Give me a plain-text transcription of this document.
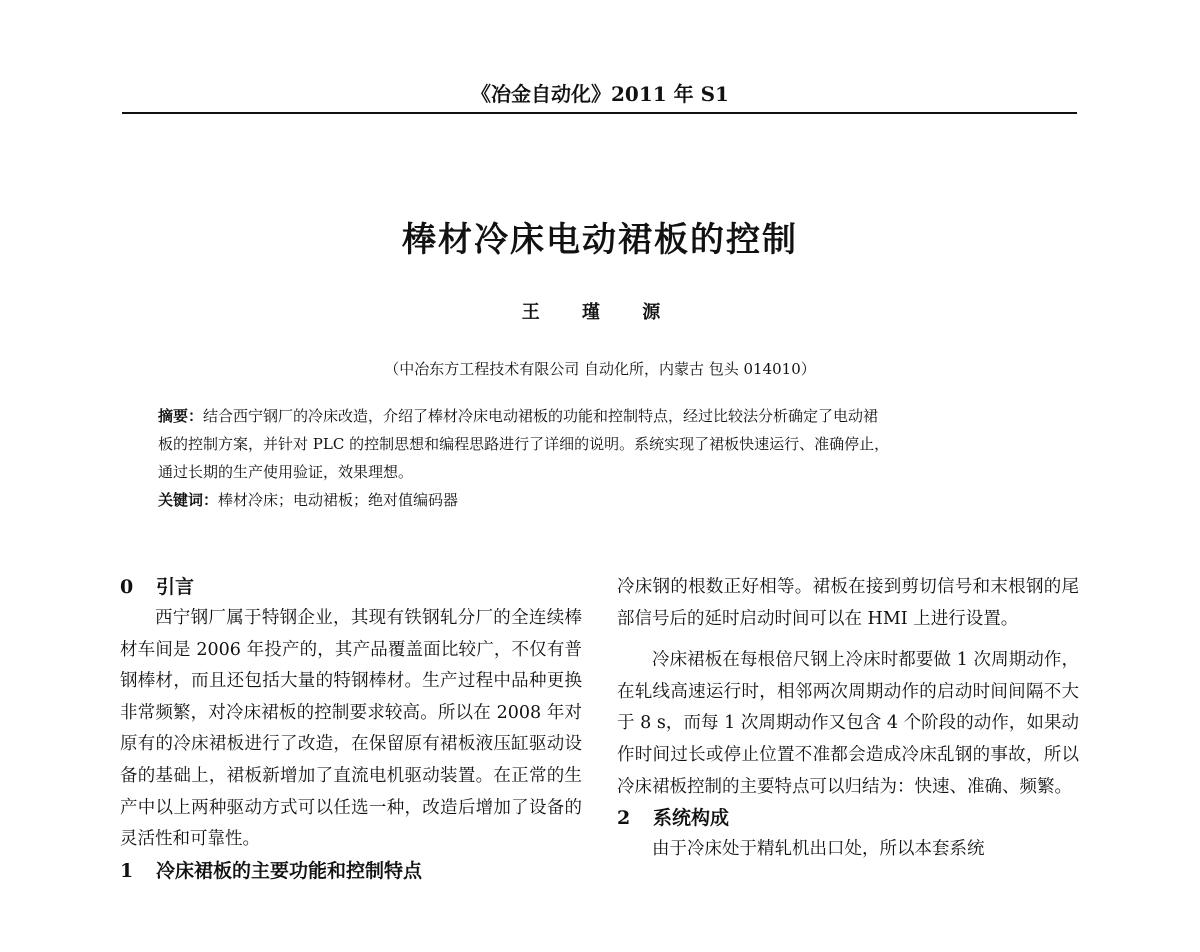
《冶金自动化》2011 年 S1
棒材冷床电动裙板的控制
王 瑾 源
（中冶东方工程技术有限公司 自动化所，内蒙古 包头 014010）

摘要：结合西宁钢厂的冷床改造，介绍了棒材冷床电动裙板的功能和控制特点，经过比较法分析确定了电动裙

板的控制方案，并针对 PLC 的控制思想和编程思路进行了详细的说明。系统实现了裙板快速运行、准确停止，

通过长期的生产使用验证，效果理想。

关键词：棒材冷床；电动裙板；绝对值编码器

0 引言

西宁钢厂属于特钢企业，其现有铁钢轧分厂的全连续棒材车间是 2006 年投产的，其产品覆盖面比较广，不仅有普钢棒材，而且还包括大量的特钢棒材。生产过程中品种更换非常频繁，对冷床裙板的控制要求较高。所以在 2008 年对原有的冷床裙板进行了改造，在保留原有裙板液压缸驱动设备的基础上，裙板新增加了直流电机驱动装置。在正常的生产中以上两种驱动方式可以任选一种，改造后增加了设备的灵活性和可靠性。

1 冷床裙板的主要功能和控制特点

冷床钢的根数正好相等。裙板在接到剪切信号和末根钢的尾部信号后的延时启动时间可以在 HMI 上进行设置。

冷床裙板在每根倍尺钢上冷床时都要做 1 次周期动作，在轧线高速运行时，相邻两次周期动作的启动时间间隔不大于 8 s，而每 1 次周期动作又包含 4 个阶段的动作，如果动作时间过长或停止位置不准都会造成冷床乱钢的事故，所以冷床裙板控制的主要特点可以归结为：快速、准确、频繁。

2 系统构成

由于冷床处于精轧机出口处，所以本套系统
